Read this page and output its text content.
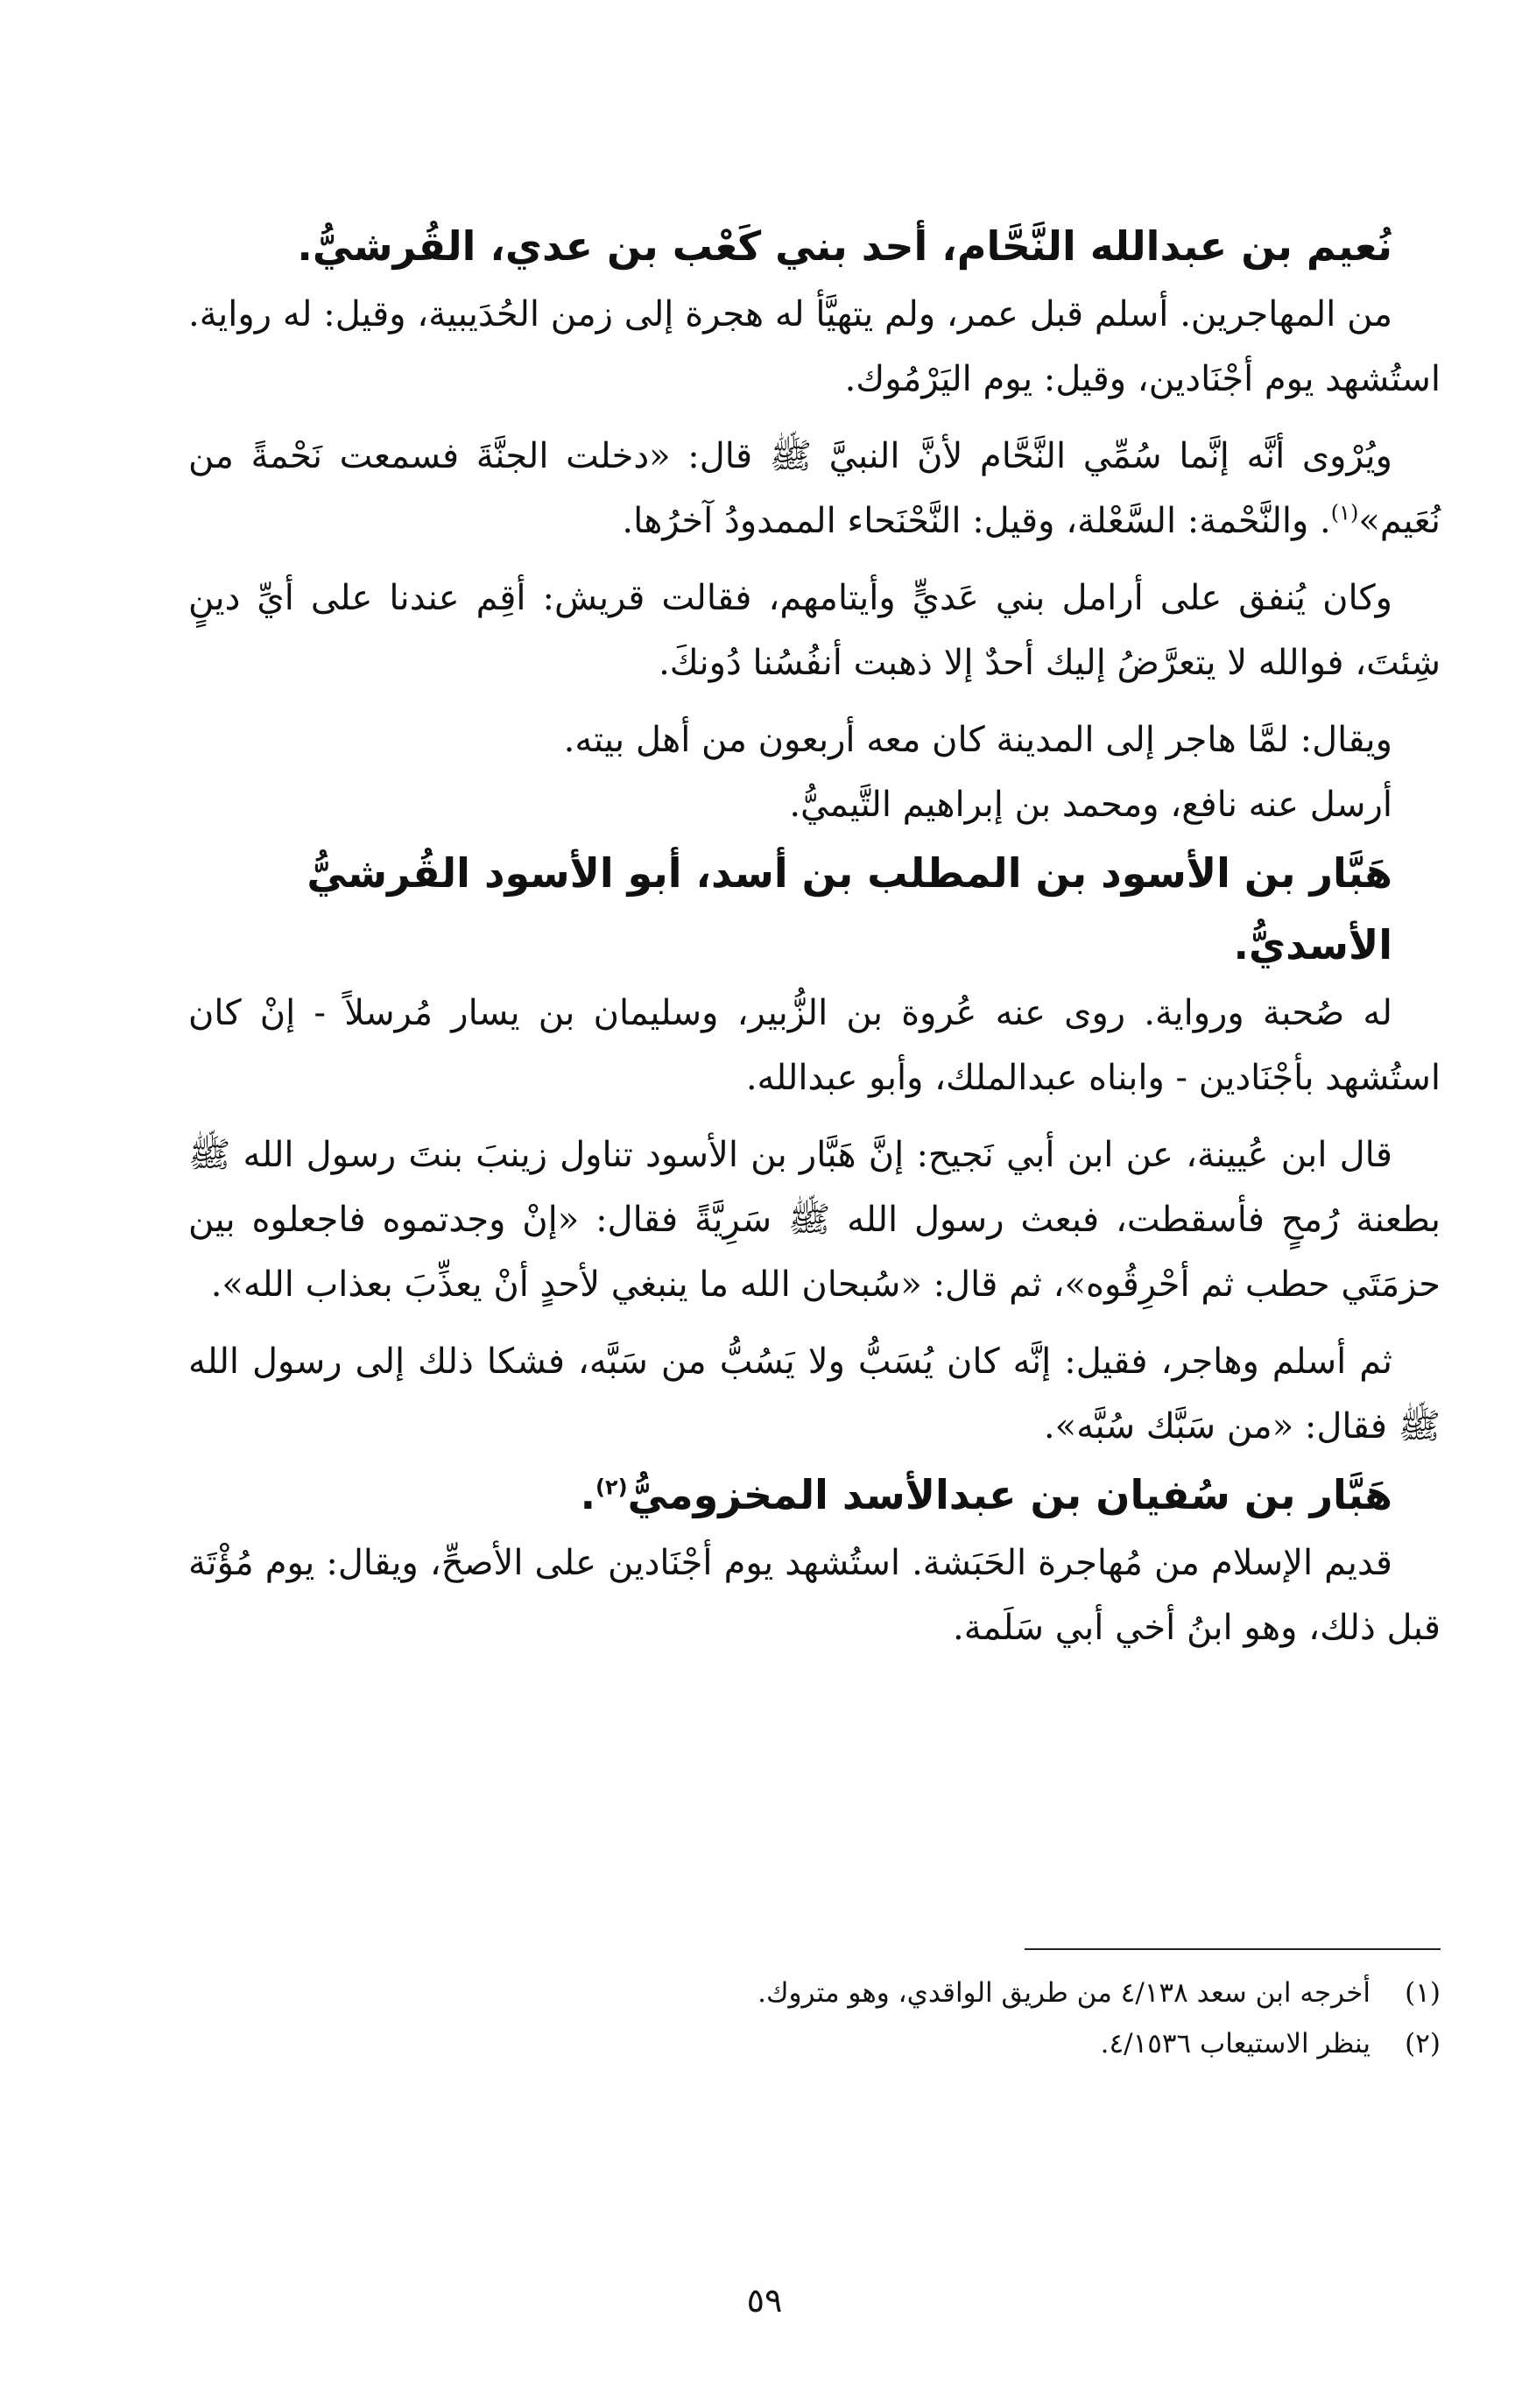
نُعيم بن عبدالله النَّحَّام، أحد بني كَعْب بن عدي، القُرشيُّ.

من المهاجرين. أسلم قبل عمر، ولم يتهيَّأ له هجرة إلى زمن الحُدَيبية، وقيل: له رواية. استُشهد يوم أجْنَادين، وقيل: يوم اليَرْمُوك.

ويُرْوى أنَّه إنَّما سُمِّي النَّحَّام لأنَّ النبيَّ ﷺ قال: «دخلت الجنَّةَ فسمعت نَحْمةً من نُعَيم»$^{(١)}$. والنَّحْمة: السَّعْلة، وقيل: النَّحْنَحاء الممدودُ آخرُها.

وكان يُنفق على أرامل بني عَديٍّ وأيتامهم، فقالت قريش: أقِم عندنا على أيِّ دينٍ شِئتَ، فوالله لا يتعرَّضُ إليك أحدٌ إلا ذهبت أنفُسُنا دُونكَ.

ويقال: لمَّا هاجر إلى المدينة كان معه أربعون من أهل بيته.

أرسل عنه نافع، ومحمد بن إبراهيم التَّيميُّ.

هَبَّار بن الأسود بن المطلب بن أسد، أبو الأسود القُرشيُّ الأسديُّ.

له صُحبة ورواية. روى عنه عُروة بن الزُّبير، وسليمان بن يسار مُرسلاً - إنْ كان استُشهد بأجْنَادين - وابناه عبدالملك، وأبو عبدالله.

قال ابن عُيينة، عن ابن أبي نَجيح: إنَّ هَبَّار بن الأسود تناول زينبَ بنتَ رسول الله ﷺ بطعنة رُمحٍ فأسقطت، فبعث رسول الله ﷺ سَرِيَّةً فقال: «إنْ وجدتموه فاجعلوه بين حزمَتَي حطب ثم أحْرِقُوه»، ثم قال: «سُبحان الله ما ينبغي لأحدٍ أنْ يعذِّبَ بعذاب الله».

ثم أسلم وهاجر، فقيل: إنَّه كان يُسَبُّ ولا يَسُبُّ من سَبَّه، فشكا ذلك إلى رسول الله ﷺ فقال: «من سَبَّك سُبَّه».

هَبَّار بن سُفيان بن عبدالأسد المخزوميُّ$^{(٢)}$.

قديم الإسلام من مُهاجرة الحَبَشة. استُشهد يوم أجْنَادين على الأصحِّ، ويقال: يوم مُؤْتَة قبل ذلك، وهو ابنُ أخي أبي سَلَمة.

(١)أخرجه ابن سعد ٤/١٣٨ من طريق الواقدي، وهو متروك.

(٢)ينظر الاستيعاب ٤/١٥٣٦.

٥٩
